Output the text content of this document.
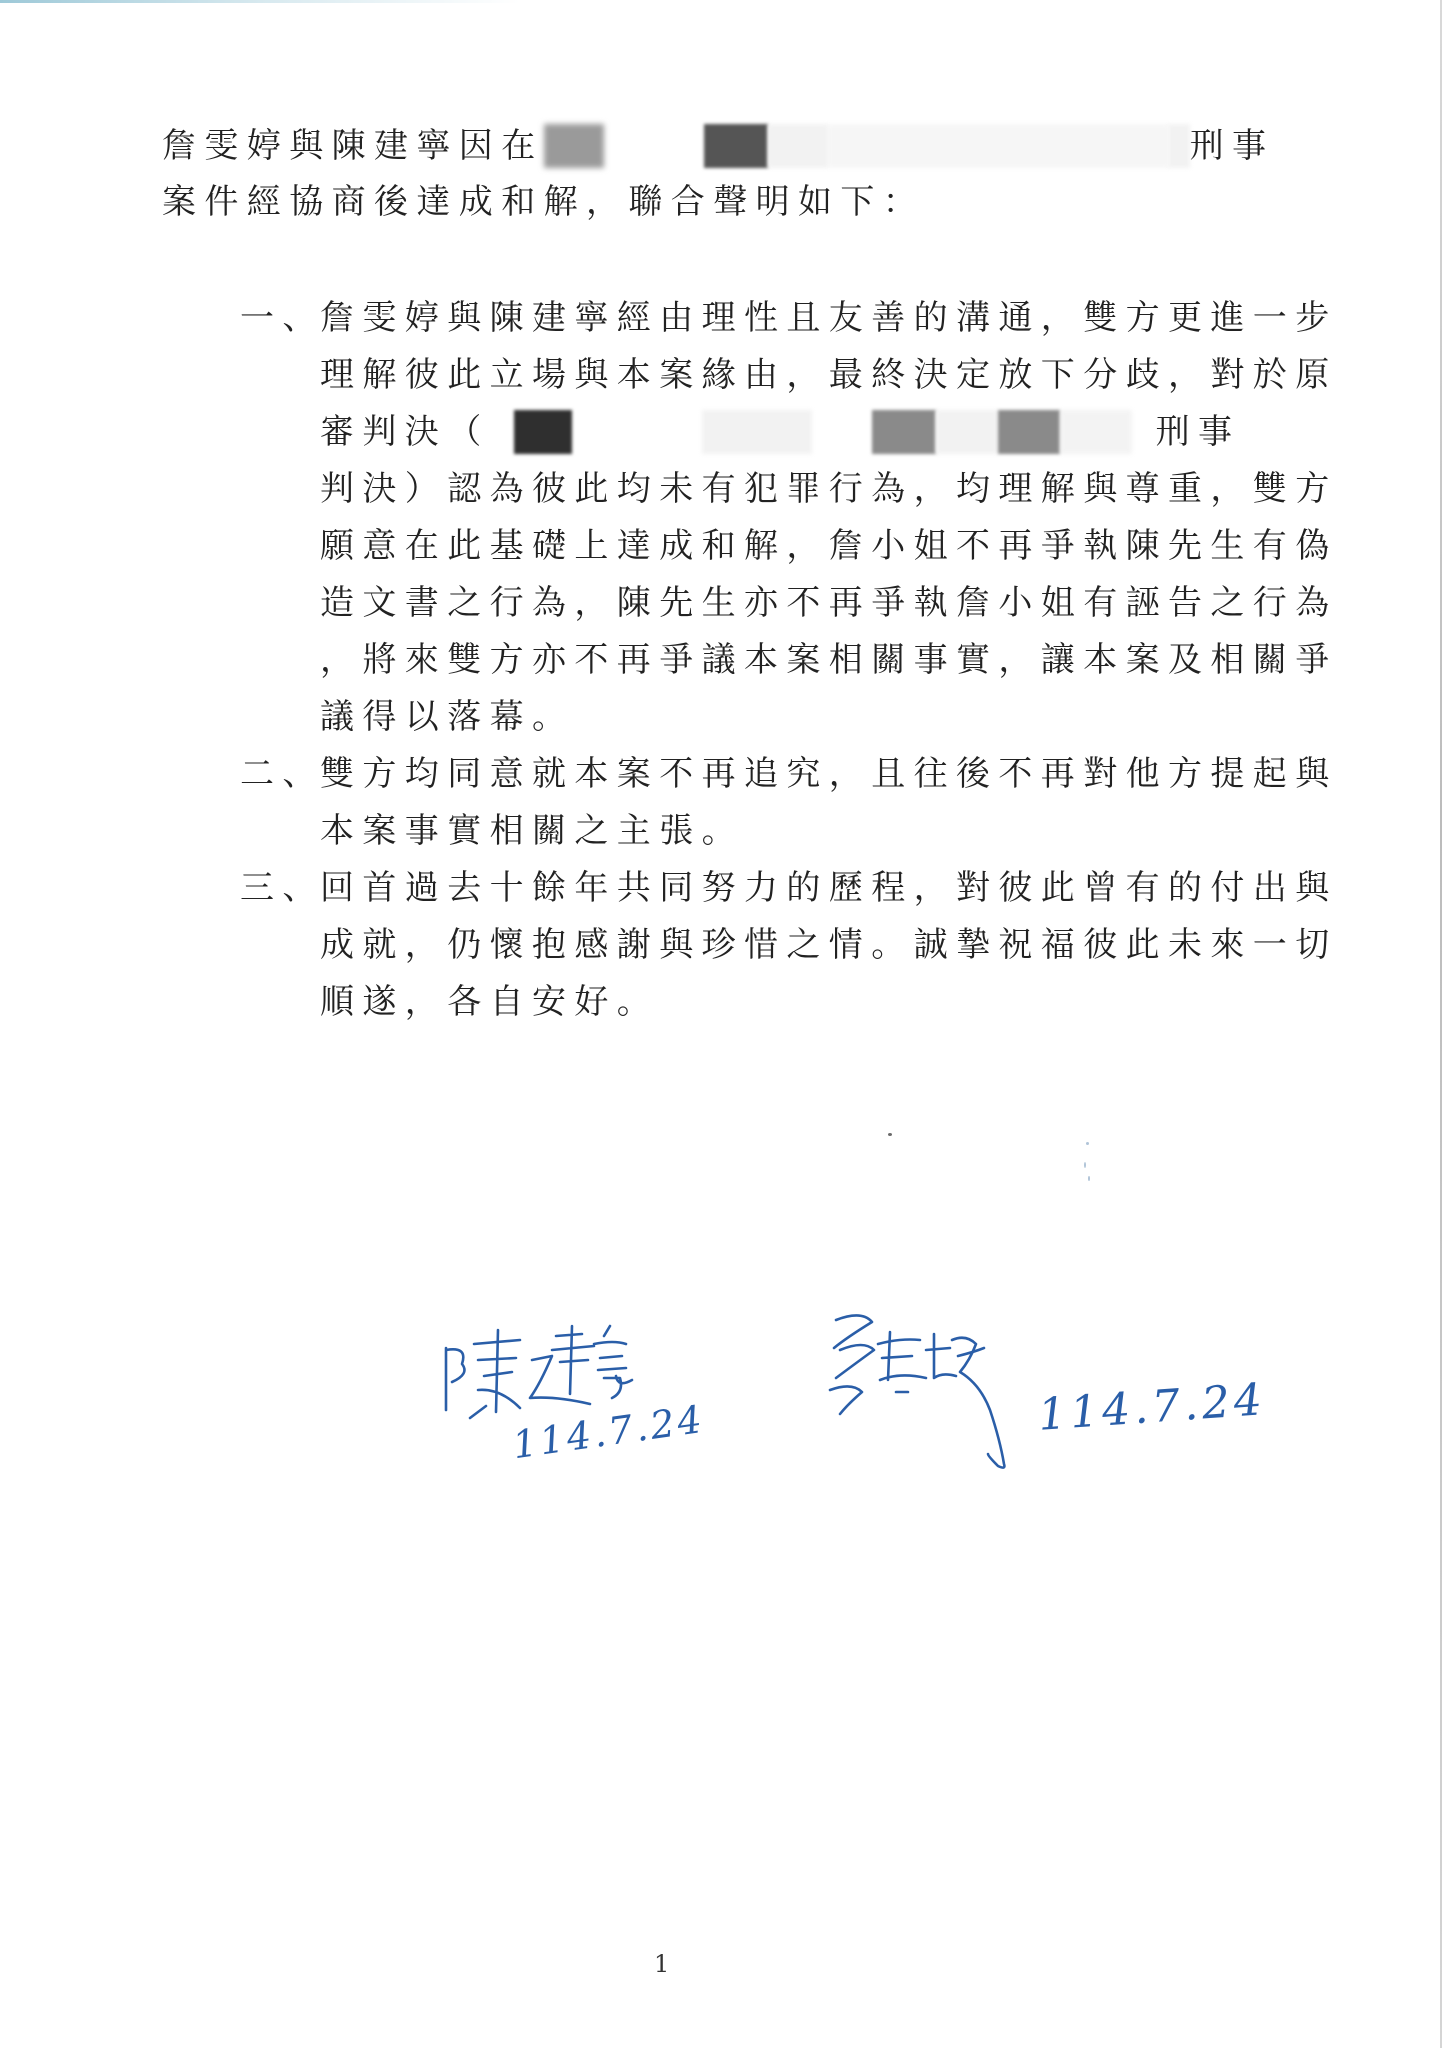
詹雯婷與陳建寧因在	刑事
案件經協商後達成和解，聯合聲明如下：
一、
詹雯婷與陳建寧經由理性且友善的溝通，雙方更進一步
理解彼此立場與本案緣由，最終決定放下分歧，對於原
審判決（	刑事
判決）認為彼此均未有犯罪行為，均理解與尊重，雙方
願意在此基礎上達成和解，詹小姐不再爭執陳先生有偽
造文書之行為，陳先生亦不再爭執詹小姐有誣告之行為
，將來雙方亦不再爭議本案相關事實，讓本案及相關爭
議得以落幕。
二、
雙方均同意就本案不再追究，且往後不再對他方提起與
本案事實相關之主張。
三、
回首過去十餘年共同努力的歷程，對彼此曾有的付出與
成就，仍懷抱感謝與珍惜之情。誠摯祝福彼此未來一切
順遂，各自安好。
114.7.24	114.7.24
1
